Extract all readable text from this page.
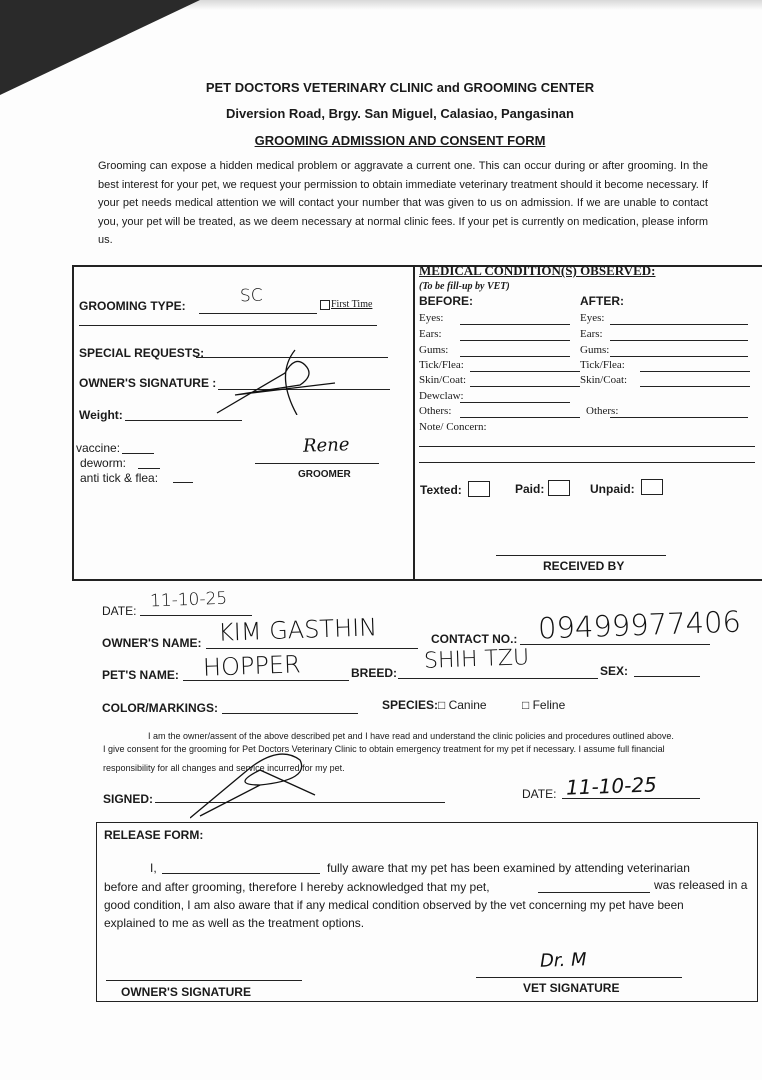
PET DOCTORS VETERINARY CLINIC and GROOMING CENTER
Diversion Road, Brgy. San Miguel, Calasiao, Pangasinan
GROOMING ADMISSION AND CONSENT FORM
Grooming can expose a hidden medical problem or aggravate a current one. This can occur during or after grooming. In the best interest for your pet, we request your permission to obtain immediate veterinary treatment should it become necessary. If your pet needs medical attention we will contact your number that was given to us on admission. If we are unable to contact you, your pet will be treated, as we deem necessary at normal clinic fees. If your pet is currently on medication, please inform us.
GROOMING TYPE:	SC	First Time
SPECIAL REQUESTS:
OWNER'S SIGNATURE :
Weight:
vaccine:
deworm:
anti tick & flea:
Rene
GROOMER
MEDICAL CONDITION(S) OBSERVED:
(To be fill-up by VET)
BEFORE:	AFTER:
Eyes:	Eyes:
Ears:	Ears:
Gums:	Gums:
Tick/Flea:	Tick/Flea:
Skin/Coat:	Skin/Coat:
Dewclaw:
Others:	Others:
Note/ Concern:
Texted:	Paid:	Unpaid:
RECEIVED BY
DATE: 11-10-25
OWNER'S NAME: KIM GASTHIN	CONTACT NO.: 09499977406
PET'S NAME: HOPPER	BREED: SHIH TZU	SEX:
COLOR/MARKINGS:	SPECIES: □ Canine	□ Feline
I am the owner/assent of the above described pet and I have read and understand the clinic policies and procedures outlined above.
I give consent for the grooming for Pet Doctors Veterinary Clinic to obtain emergency treatment for my pet if necessary. I assume full financial
responsibility for all changes and service incurred for my pet.
SIGNED:	DATE: 11-10-25
RELEASE FORM:
I,	fully aware that my pet has been examined by attending veterinarian
before and after grooming, therefore I hereby acknowledged that my pet,	was released in a
good condition, I am also aware that if any medical condition observed by the vet concerning my pet have been
explained to me as well as the treatment options.
OWNER'S SIGNATURE
Dr. M
VET SIGNATURE
